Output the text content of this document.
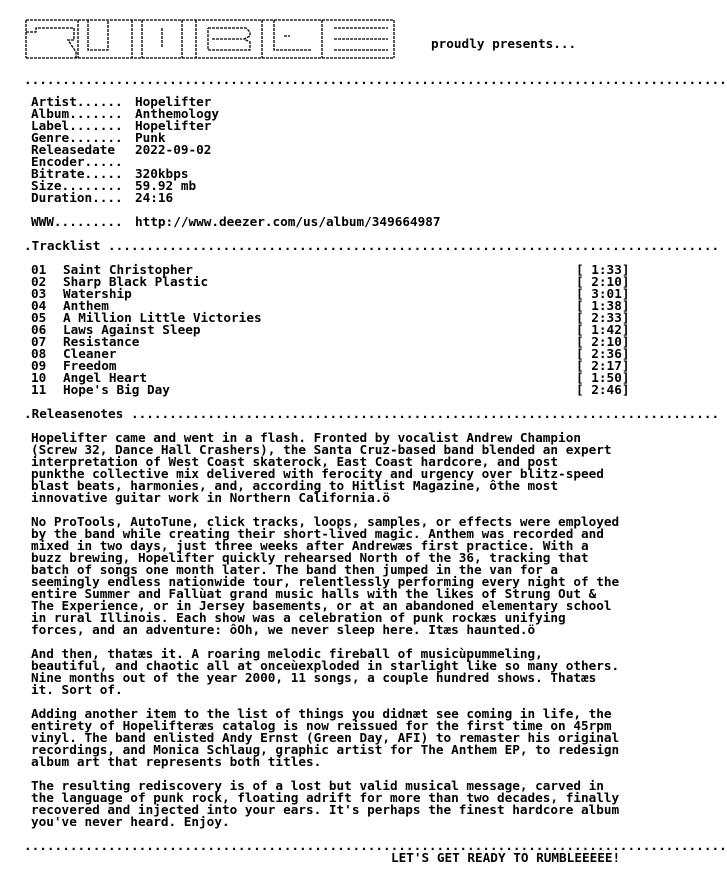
proudly presents...
............................................................................................
Artist...... Hopelifter
Album....... Anthemology
Label....... Hopelifter
Genre....... Punk
Releasedate 2022-09-02
Encoder.....
Bitrate..... 320kbps
Size........ 59.92 mb
Duration.... 24:16
WWW......... http://www.deezer.com/us/album/349664987
.Tracklist ................................................................................
01 Saint Christopher	[ 1:33]
02 Sharp Black Plastic	[ 2:10]
03 Watership	[ 3:01]
04 Anthem	[ 1:38]
05 A Million Little Victories	[ 2:33]
06 Laws Against Sleep	[ 1:42]
07 Resistance	[ 2:10]
08 Cleaner	[ 2:36]
09 Freedom	[ 2:17]
10 Angel Heart	[ 1:50]
11 Hope's Big Day	[ 2:46]
.Releasenotes .............................................................................
Hopelifter came and went in a flash. Fronted by vocalist Andrew Champion
(Screw 32, Dance Hall Crashers), the Santa Cruz-based band blended an expert
interpretation of West Coast skaterock, East Coast hardcore, and post
punkthe collective mix delivered with ferocity and urgency over blitz-speed
blast beats, harmonies, and, according to Hitlist Magazine, ôthe most
innovative guitar work in Northern California.ö
No ProTools, AutoTune, click tracks, loops, samples, or effects were employed
by the band while creating their short-lived magic. Anthem was recorded and
mixed in two days, just three weeks after Andrewæs first practice. With a
buzz brewing, Hopelifter quickly rehearsed North of the 36, tracking that
batch of songs one month later. The band then jumped in the van for a
seemingly endless nationwide tour, relentlessly performing every night of the
entire Summer and Fallùat grand music halls with the likes of Strung Out &
The Experience, or in Jersey basements, or at an abandoned elementary school
in rural Illinois. Each show was a celebration of punk rockæs unifying
forces, and an adventure: ôOh, we never sleep here. Itæs haunted.ö
And then, thatæs it. A roaring melodic fireball of musicùpummeling,
beautiful, and chaotic all at onceùexploded in starlight like so many others.
Nine months out of the year 2000, 11 songs, a couple hundred shows. Thatæs
it. Sort of.
Adding another item to the list of things you didnæt see coming in life, the
entirety of Hopelifteræs catalog is now reissued for the first time on 45rpm
vinyl. The band enlisted Andy Ernst (Green Day, AFI) to remaster his original
recordings, and Monica Schlaug, graphic artist for The Anthem EP, to redesign
album art that represents both titles.
The resulting rediscovery is of a lost but valid musical message, carved in
the language of punk rock, floating adrift for more than two decades, finally
recovered and injected into your ears. It's perhaps the finest hardcore album
you've never heard. Enjoy.
............................................................................................
LET'S GET READY TO RUMBLEEEEE!
